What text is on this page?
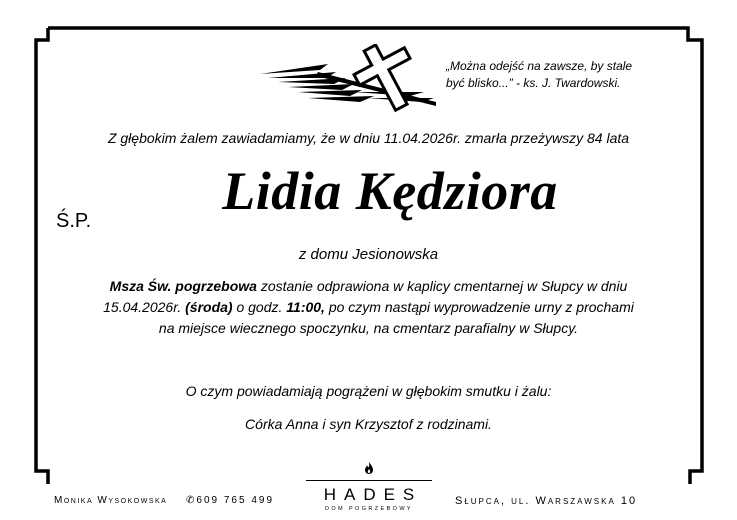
„Można odejść na zawsze, by stale
być blisko...” - ks. J. Twardowski.
Z głębokim żalem zawiadamiamy, że w dniu 11.04.2026r. zmarła przeżywszy 84 lata
Ś.P.	Lidia Kędziora
z domu Jesionowska
Msza Św. pogrzebowa zostanie odprawiona w kaplicy cmentarnej w Słupcy w dniu
15.04.2026r. (środa) o godz. 11:00, po czym nastąpi wyprowadzenie urny z prochami
na miejsce wiecznego spoczynku, na cmentarz parafialny w Słupcy.
O czym powiadamiają pogrążeni w głębokim smutku i żalu:
Córka Anna i syn Krzysztof z rodzinami.
Monika Wysokowska ✆609 765 499	HADES
DOM POGRZEBOWY
Słupca, ul. Warszawska 10
